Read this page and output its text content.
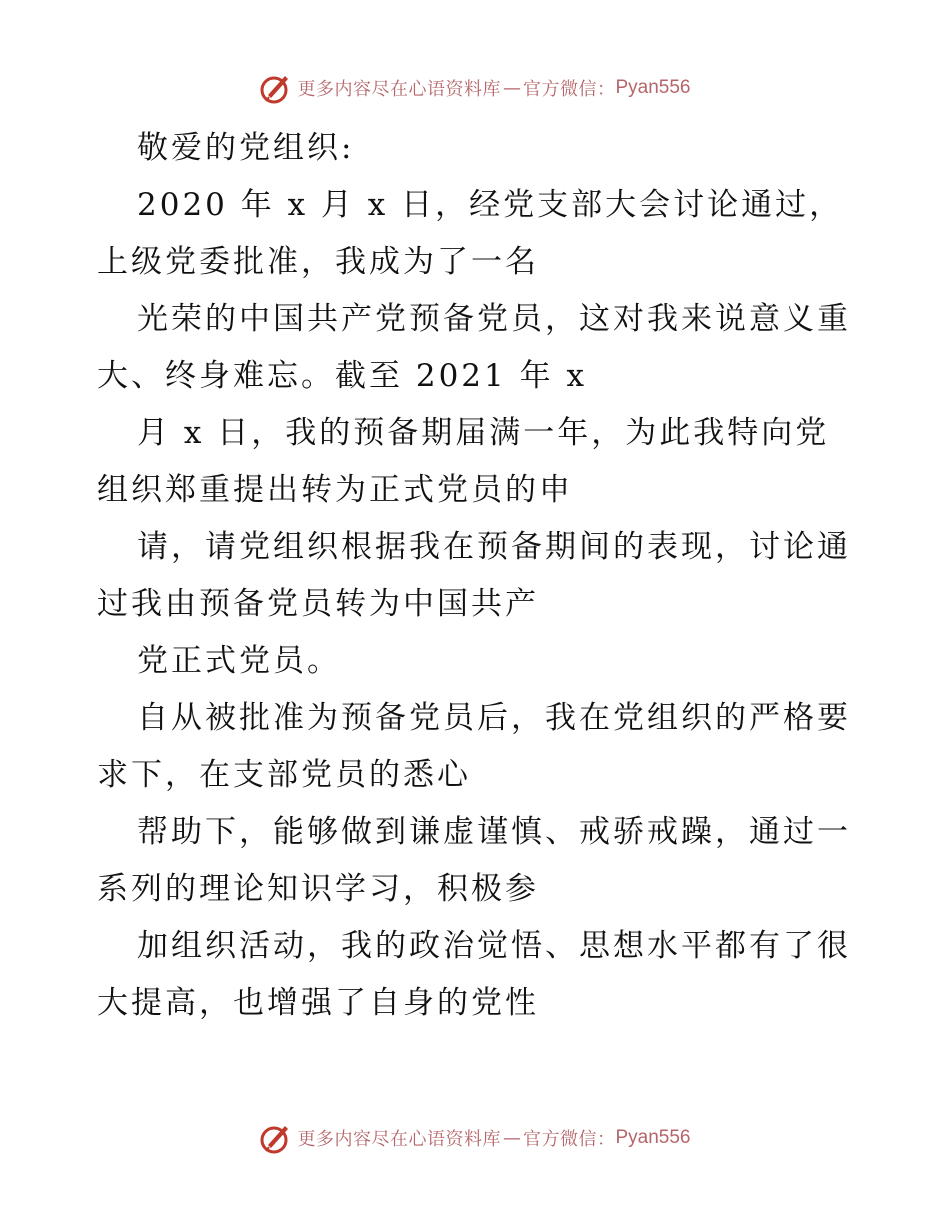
更多内容尽在心语资料库 — 官方微信： Pyan556
敬爱的党组织:
2020 年 x 月 x 日，经党支部大会讨论通过，
上级党委批准，我成为了一名
光荣的中国共产党预备党员，这对我来说意义重
大、终身难忘。截至 2021 年 x
月 x 日，我的预备期届满一年，为此我特向党
组织郑重提出转为正式党员的申
请，请党组织根据我在预备期间的表现，讨论通
过我由预备党员转为中国共产
党正式党员。
自从被批准为预备党员后，我在党组织的严格要
求下，在支部党员的悉心
帮助下，能够做到谦虚谨慎、戒骄戒躁，通过一
系列的理论知识学习，积极参
加组织活动，我的政治觉悟、思想水平都有了很
大提高，也增强了自身的党性
更多内容尽在心语资料库 — 官方微信： Pyan556
